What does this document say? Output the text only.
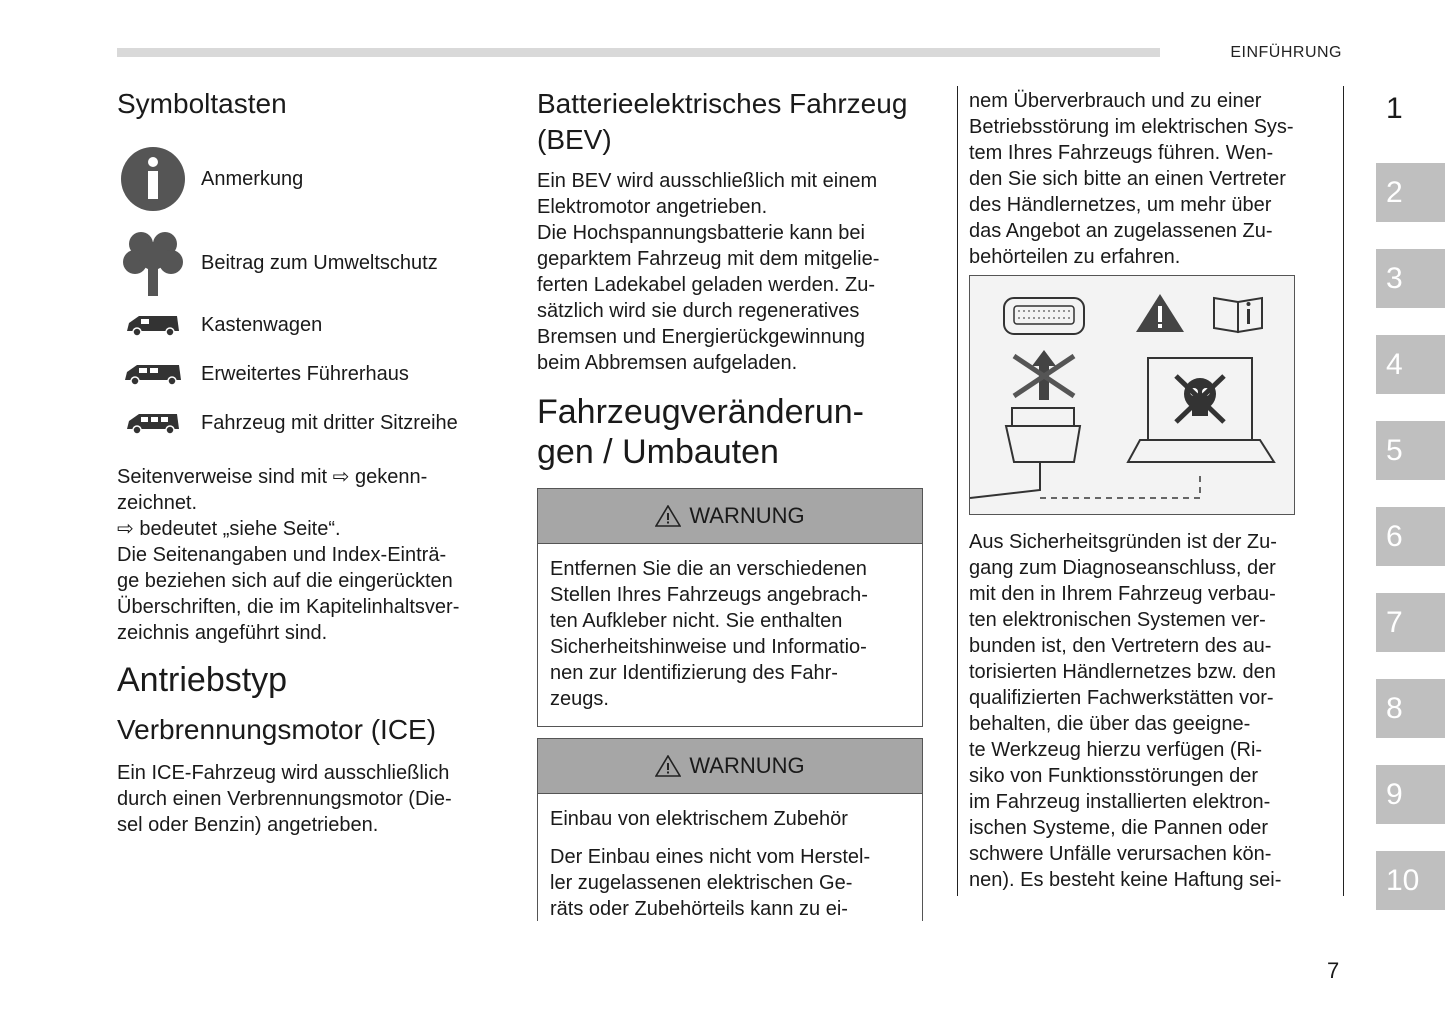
EINFÜHRUNG
Symboltasten
Anmerkung
Beitrag zum Umweltschutz
Kastenwagen
Erweitertes Führerhaus
Fahrzeug mit dritter Sitzreihe

Seitenverweise sind mit ⇨ gekenn-

zeichnet.

⇨ bedeutet „siehe Seite“.

Die Seitenangaben und Index-Einträ-

ge beziehen sich auf die eingerückten

Überschriften, die im Kapitelinhaltsver-

zeichnis angeführt sind.

Antriebstyp
Verbrennungsmotor (ICE)

Ein ICE-Fahrzeug wird ausschließlich

durch einen Verbrennungsmotor (Die-

sel oder Benzin) angetrieben.

Batterieelektrisches Fahrzeug
(BEV)

Ein BEV wird ausschließlich mit einem

Elektromotor angetrieben.

Die Hochspannungsbatterie kann bei

geparktem Fahrzeug mit dem mitgelie-

ferten Ladekabel geladen werden. Zu-

sätzlich wird sie durch regeneratives

Bremsen und Energierückgewinnung

beim Abbremsen aufgeladen.

Fahrzeugveränderun-
gen / Umbauten
WARNUNG

Entfernen Sie die an verschiedenen

Stellen Ihres Fahrzeugs angebrach-

ten Aufkleber nicht. Sie enthalten

Sicherheitshinweise und Informatio-

nen zur Identifizierung des Fahr-

zeugs.

WARNUNG

Einbau von elektrischem Zubehör

Der Einbau eines nicht vom Herstel-

ler zugelassenen elektrischen Ge-

räts oder Zubehörteils kann zu ei-

nem Überverbrauch und zu einer

Betriebsstörung im elektrischen Sys-

tem Ihres Fahrzeugs führen. Wen-

den Sie sich bitte an einen Vertreter

des Händlernetzes, um mehr über

das Angebot an zugelassenen Zu-

behörteilen zu erfahren.

Aus Sicherheitsgründen ist der Zu-

gang zum Diagnoseanschluss, der

mit den in Ihrem Fahrzeug verbau-

ten elektronischen Systemen ver-

bunden ist, den Vertretern des au-

torisierten Händlernetzes bzw. den

qualifizierten Fachwerkstätten vor-

behalten, die über das geeigne-

te Werkzeug hierzu verfügen (Ri-

siko von Funktionsstörungen der

im Fahrzeug installierten elektron-

ischen Systeme, die Pannen oder

schwere Unfälle verursachen kön-

nen). Es besteht keine Haftung sei-

1
2
3
4
5
6
7
8
9
10
7
